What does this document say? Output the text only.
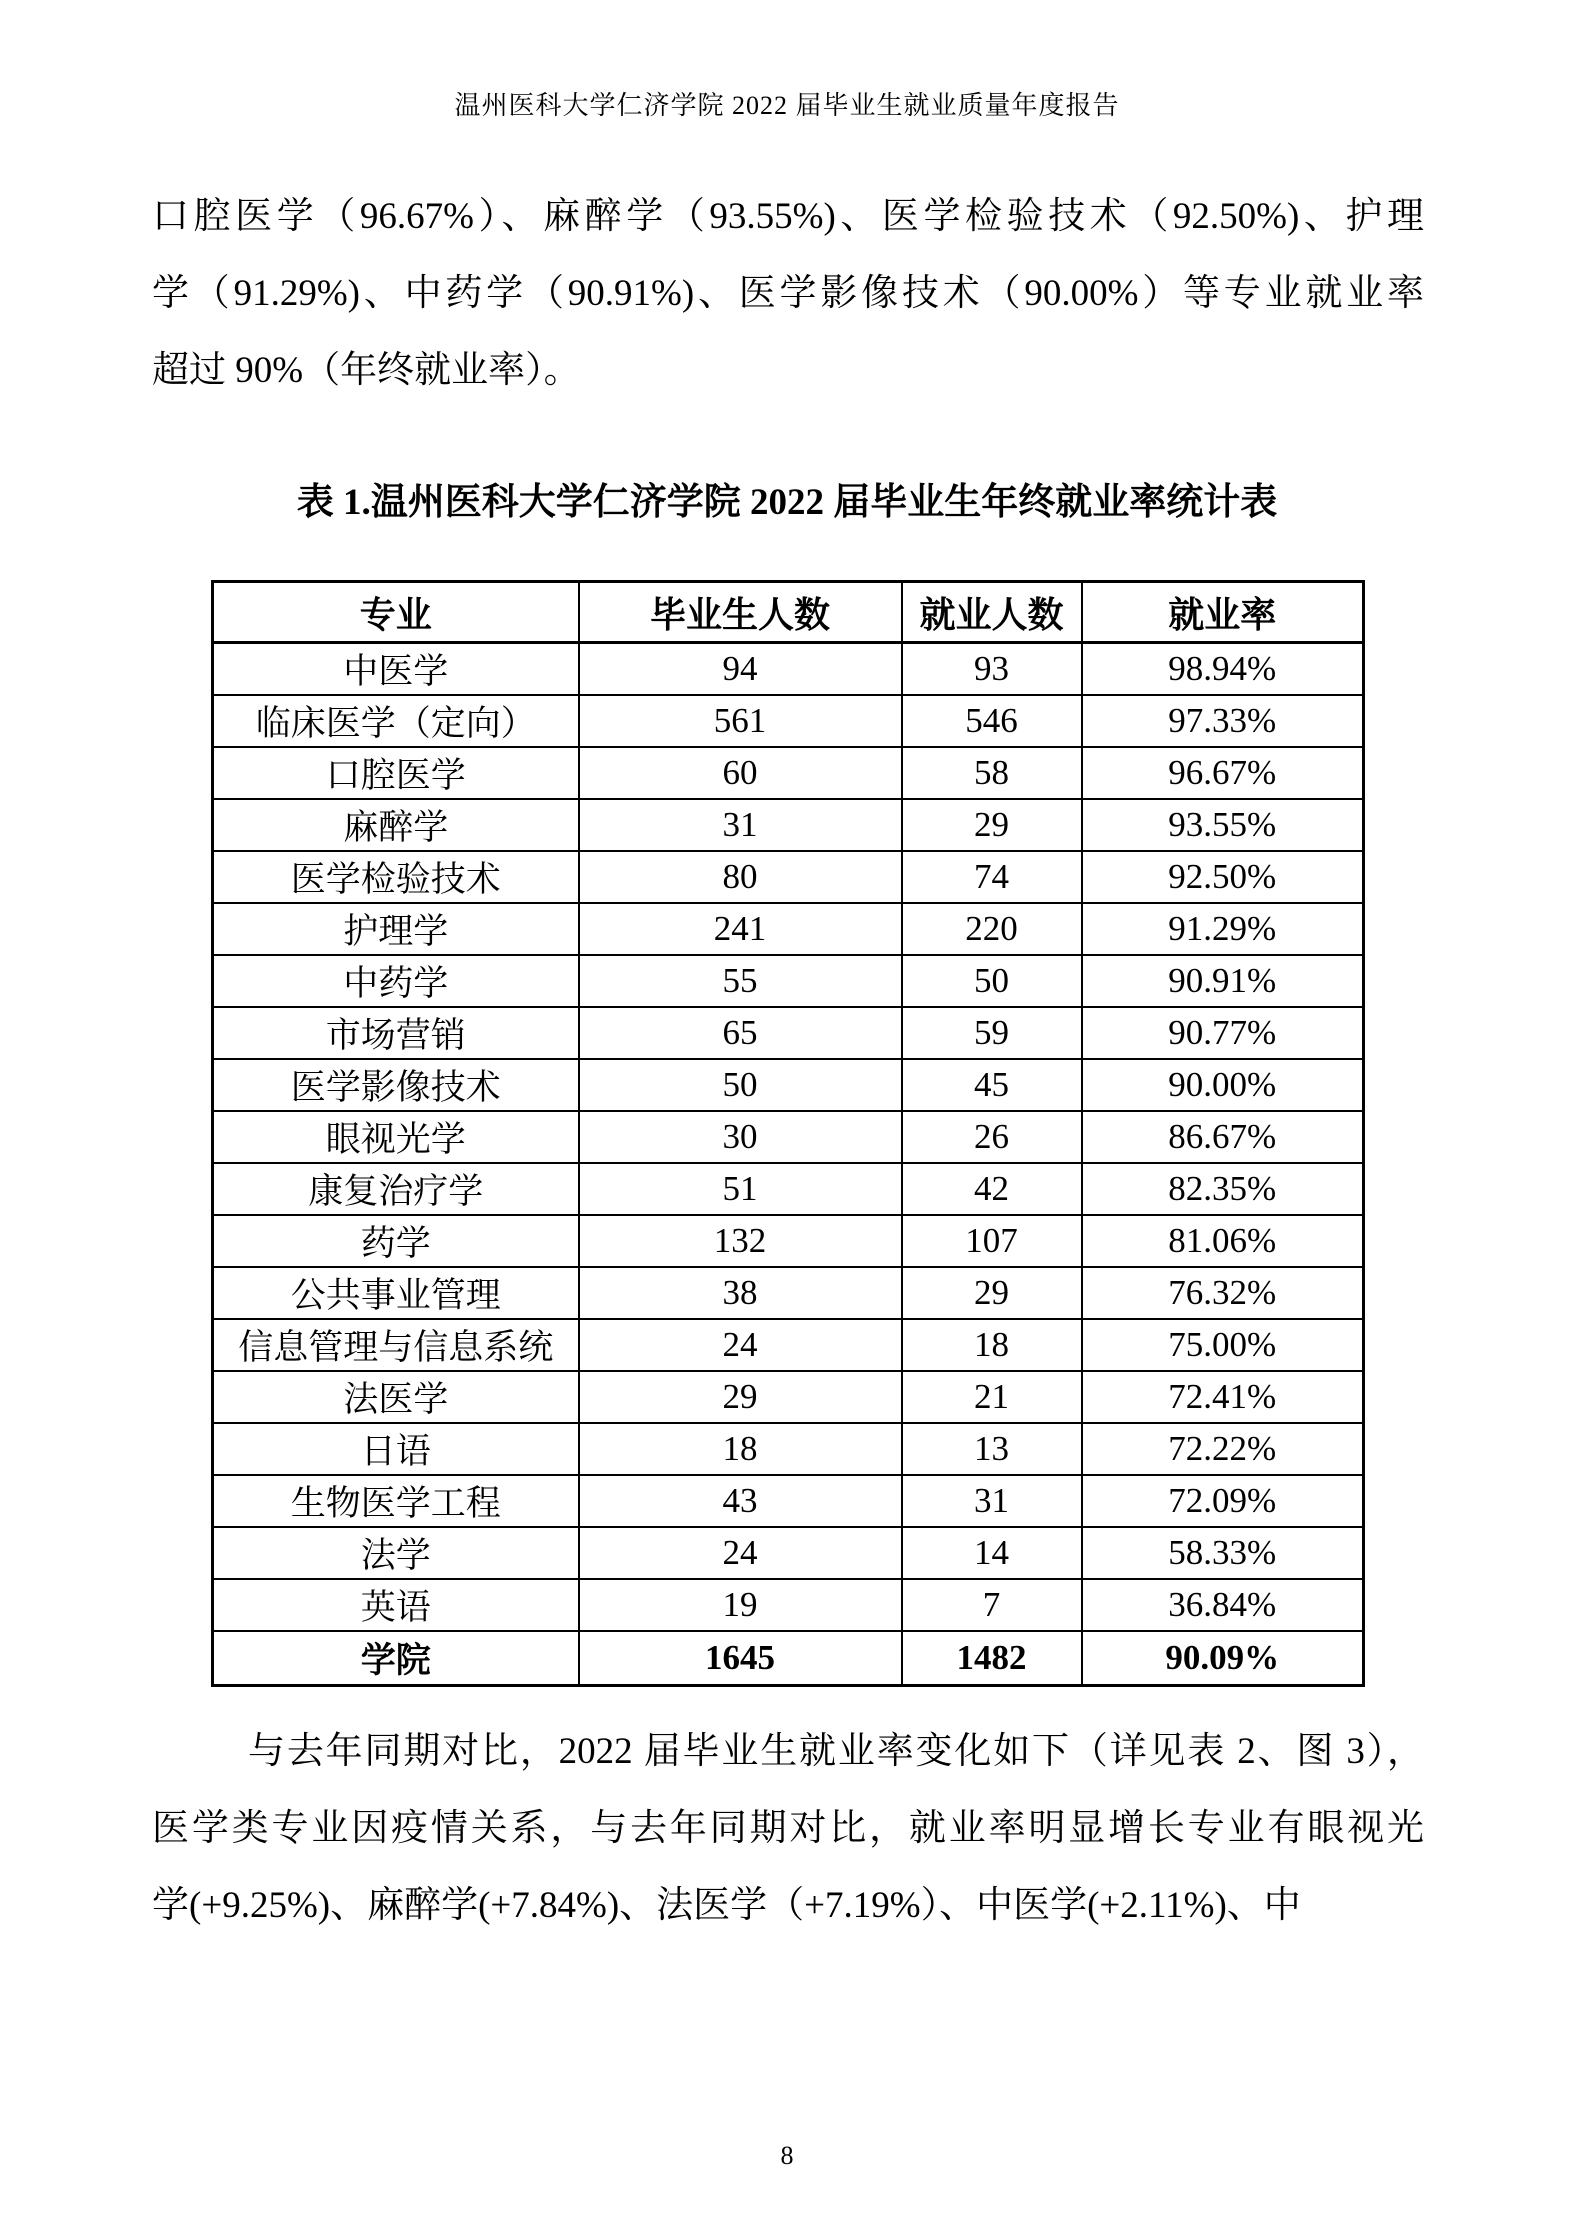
温州医科大学仁济学院 2022 届毕业生就业质量年度报告
口腔医学（96.67%）、麻醉学（93.55%)、医学检验技术（92.50%)、护理
学（91.29%)、中药学（90.91%)、医学影像技术（90.00%）等专业就业率
超过 90%（年终就业率）。
表 1.温州医科大学仁济学院 2022 届毕业生年终就业率统计表
专业	毕业生人数	就业人数	就业率
中医学	94	93	98.94%
临床医学（定向）	561	546	97.33%
口腔医学	60	58	96.67%
麻醉学	31	29	93.55%
医学检验技术	80	74	92.50%
护理学	241	220	91.29%
中药学	55	50	90.91%
市场营销	65	59	90.77%
医学影像技术	50	45	90.00%
眼视光学	30	26	86.67%
康复治疗学	51	42	82.35%
药学	132	107	81.06%
公共事业管理	38	29	76.32%
信息管理与信息系统	24	18	75.00%
法医学	29	21	72.41%
日语	18	13	72.22%
生物医学工程	43	31	72.09%
法学	24	14	58.33%
英语	19	7	36.84%
学院	1645	1482	90.09%
与去年同期对比，2022 届毕业生就业率变化如下（详见表 2、图 3），
医学类专业因疫情关系，与去年同期对比，就业率明显增长专业有眼视光
学(+9.25%)、麻醉学(+7.84%)、法医学（+7.19%）、中医学(+2.11%)、中
8
